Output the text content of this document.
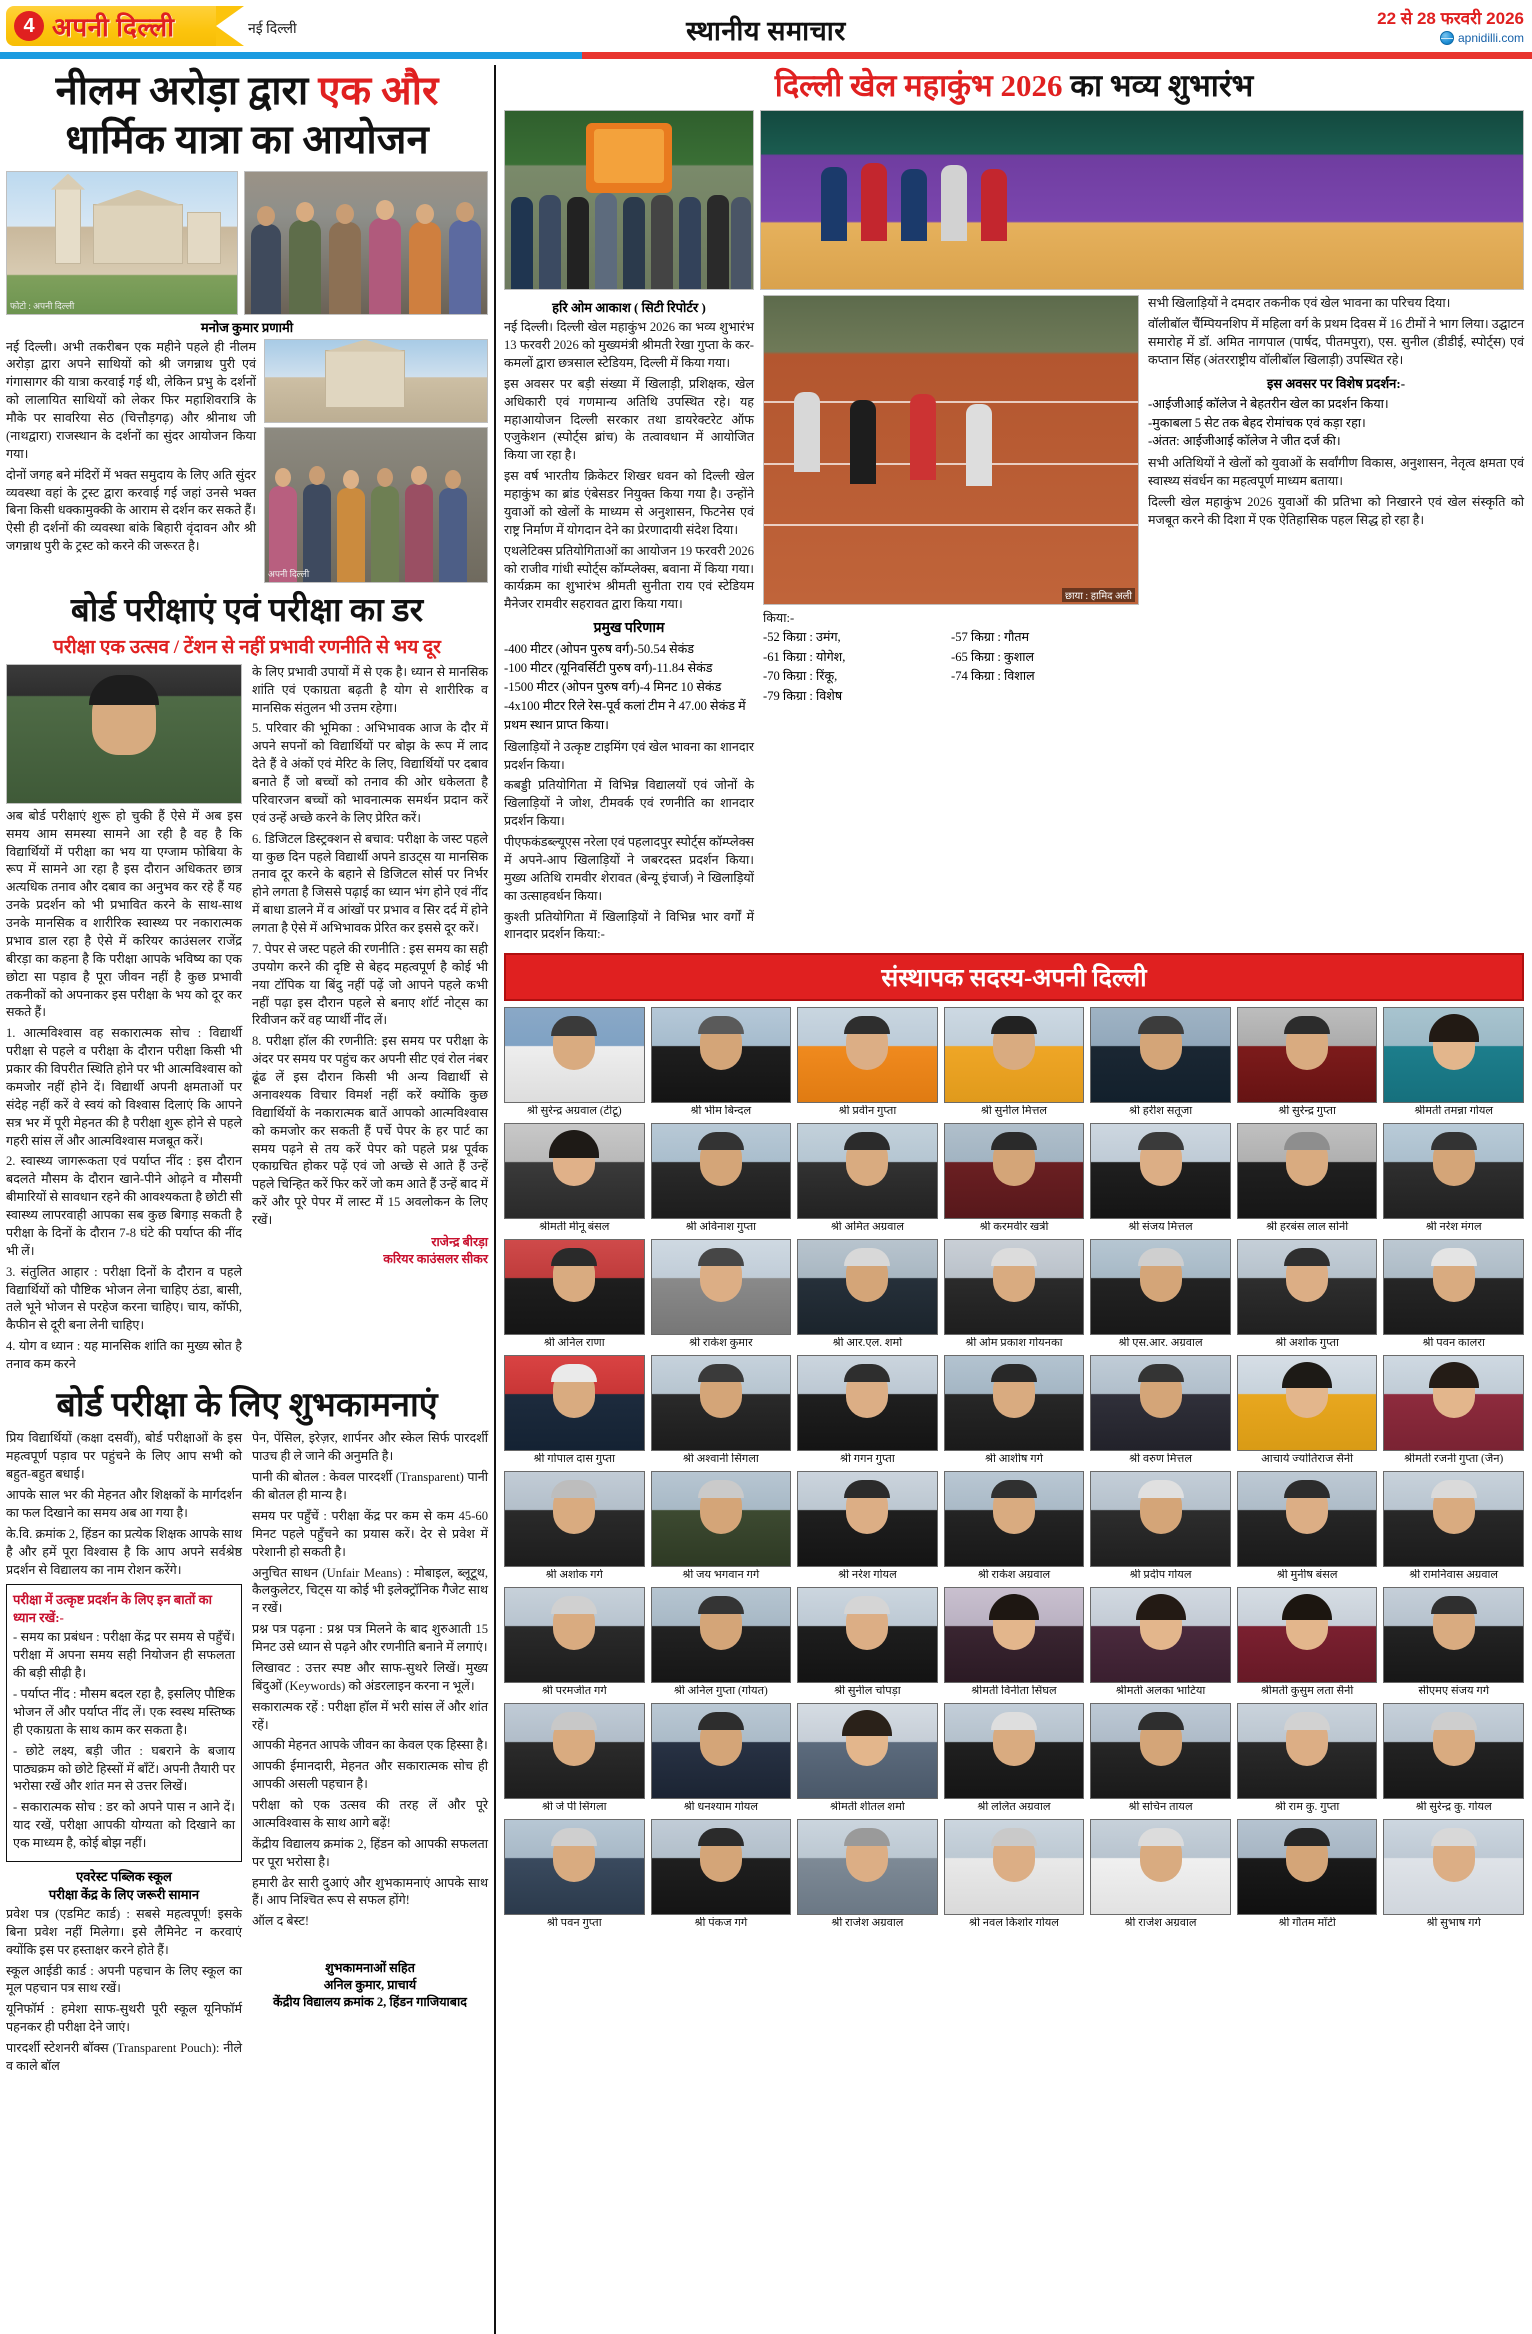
4 अपनी दिल्ली	नई दिल्ली	स्थानीय समाचार	22 से 28 फरवरी 2026
apnidilli.com
नीलम अरोड़ा द्वारा एक और
धार्मिक यात्रा का आयोजन
फोटो : अपनी दिल्ली
मनोज कुमार प्रणामी

नई दिल्ली। अभी तकरीबन एक महीने पहले ही नीलम अरोड़ा द्वारा अपने साथियों को श्री जगन्नाथ पुरी एवं गंगासागर की यात्रा करवाई गई थी, लेकिन प्रभु के दर्शनों को लालायित साथियों को लेकर फिर महाशिवरात्रि के मौके पर सावरिया सेठ (चित्तौड़गढ़) और श्रीनाथ जी (नाथद्वारा) राजस्थान के दर्शनों का सुंदर आयोजन किया गया।

दोनों जगह बने मंदिरों में भक्त समुदाय के लिए अति सुंदर व्यवस्था वहां के ट्रस्ट द्वारा करवाई गई जहां उनसे भक्त बिना किसी धक्कामुक्की के आराम से दर्शन कर सकते हैं। ऐसी ही दर्शनों की व्यवस्था बांके बिहारी वृंदावन और श्री जगन्नाथ पुरी के ट्रस्ट को करने की जरूरत है।

अपनी दिल्ली
बोर्ड परीक्षाएं एवं परीक्षा का डर
परीक्षा एक उत्सव / टेंशन से नहीं प्रभावी रणनीति से भय दूर

अब बोर्ड परीक्षाएं शुरू हो चुकी हैं ऐसे में अब इस समय आम समस्या सामने आ रही है वह है कि विद्यार्थियों में परीक्षा का भय या एग्जाम फोबिया के रूप में सामने आ रहा है इस दौरान अधिकतर छात्र अत्यधिक तनाव और दबाव का अनुभव कर रहे हैं यह उनके प्रदर्शन को भी प्रभावित करने के साथ-साथ उनके मानसिक व शारीरिक स्वास्थ्य पर नकारात्मक प्रभाव डाल रहा है ऐसे में करियर काउंसलर राजेंद्र बीरड़ा का कहना है कि परीक्षा आपके भविष्य का एक छोटा सा पड़ाव है पूरा जीवन नहीं है कुछ प्रभावी तकनीकों को अपनाकर इस परीक्षा के भय को दूर कर सकते हैं।

1. आत्मविश्वास वह सकारात्मक सोच : विद्यार्थी परीक्षा से पहले व परीक्षा के दौरान परीक्षा किसी भी प्रकार की विपरीत स्थिति होने पर भी आत्मविश्वास को कमजोर नहीं होने दें। विद्यार्थी अपनी क्षमताओं पर संदेह नहीं करें वे स्वयं को विश्वास दिलाएं कि आपने सत्र भर में पूरी मेहनत की है परीक्षा शुरू होने से पहले गहरी सांस लें और आत्मविश्वास मजबूत करें।

2. स्वास्थ्य जागरूकता एवं पर्याप्त नींद : इस दौरान बदलते मौसम के दौरान खाने-पीने ओढ़ने व मौसमी बीमारियों से सावधान रहने की आवश्यकता है छोटी सी स्वास्थ्य लापरवाही आपका सब कुछ बिगाड़ सकती है परीक्षा के दिनों के दौरान 7-8 घंटे की पर्याप्त की नींद भी लें।

3. संतुलित आहार : परीक्षा दिनों के दौरान व पहले विद्यार्थियों को पौष्टिक भोजन लेना चाहिए ठंडा, बासी, तले भूने भोजन से परहेज करना चाहिए। चाय, कॉफी, कैफीन से दूरी बना लेनी चाहिए।

4. योग व ध्यान : यह मानसिक शांति का मुख्य स्रोत है तनाव कम करने

के लिए प्रभावी उपायों में से एक है। ध्यान से मानसिक शांति एवं एकाग्रता बढ़ती है योग से शारीरिक व मानसिक संतुलन भी उत्तम रहेगा।

5. परिवार की भूमिका : अभिभावक आज के दौर में अपने सपनों को विद्यार्थियों पर बोझ के रूप में लाद देते हैं वे अंकों एवं मेरिट के लिए, विद्यार्थियों पर दबाव बनाते हैं जो बच्चों को तनाव की ओर धकेलता है परिवारजन बच्चों को भावनात्मक समर्थन प्रदान करें एवं उन्हें अच्छे करने के लिए प्रेरित करें।

6. डिजिटल डिस्ट्रक्शन से बचाव: परीक्षा के जस्ट पहले या कुछ दिन पहले विद्यार्थी अपने डाउट्स या मानसिक तनाव दूर करने के बहाने से डिजिटल सोर्स पर निर्भर होने लगता है जिससे पढ़ाई का ध्यान भंग होने एवं नींद में बाधा डालने में व आंखों पर प्रभाव व सिर दर्द में होने लगता है ऐसे में अभिभावक प्रेरित कर इससे दूर करें।

7. पेपर से जस्ट पहले की रणनीति : इस समय का सही उपयोग करने की दृष्टि से बेहद महत्वपूर्ण है कोई भी नया टॉपिक या बिंदु नहीं पढ़ें जो आपने पहले कभी नहीं पढ़ा इस दौरान पहले से बनाए शॉर्ट नोट्स का रिवीजन करें वह प्यार्थी नींद लें।

8. परीक्षा हॉल की रणनीति: इस समय पर परीक्षा के अंदर पर समय पर पहुंच कर अपनी सीट एवं रोल नंबर ढूंढ लें इस दौरान किसी भी अन्य विद्यार्थी से अनावश्यक विचार विमर्श नहीं करें क्योंकि कुछ विद्यार्थियों के नकारात्मक बातें आपको आत्मविश्वास को कमजोर कर सकती हैं पर्चे पेपर के हर पार्ट का समय पढ़ने से तय करें पेपर को पहले प्रश्न पूर्वक एकाग्रचित होकर पढ़ें एवं जो अच्छे से आते हैं उन्हें पहले चिन्हित करें फिर करें जो कम आते हैं उन्हें बाद में करें और पूरे पेपर में लास्ट में 15 अवलोकन के लिए रखें।

राजेन्द्र बीरड़ा
करियर काउंसलर सीकर
बोर्ड परीक्षा के लिए शुभकामनाएं

प्रिय विद्यार्थियों (कक्षा दसवीं), बोर्ड परीक्षाओं के इस महत्वपूर्ण पड़ाव पर पहुंचने के लिए आप सभी को बहुत-बहुत बधाई।

आपके साल भर की मेहनत और शिक्षकों के मार्गदर्शन का फल दिखाने का समय अब आ गया है।

के.वि. क्रमांक 2, हिंडन का प्रत्येक शिक्षक आपके साथ है और हमें पूरा विश्वास है कि आप अपने सर्वश्रेष्ठ प्रदर्शन से विद्यालय का नाम रोशन करेंगे।

परीक्षा में उत्कृष्ट प्रदर्शन के लिए इन बातों का ध्यान रखें:-

- समय का प्रबंधन : परीक्षा केंद्र पर समय से पहुँचें। परीक्षा में अपना समय सही नियोजन ही सफलता की बड़ी सीढ़ी है।

- पर्याप्त नींद : मौसम बदल रहा है, इसलिए पौष्टिक भोजन लें और पर्याप्त नींद लें। एक स्वस्थ मस्तिष्क ही एकाग्रता के साथ काम कर सकता है।

- छोटे लक्ष्य, बड़ी जीत : घबराने के बजाय पाठ्यक्रम को छोटे हिस्सों में बाँटें। अपनी तैयारी पर भरोसा रखें और शांत मन से उत्तर लिखें।

- सकारात्मक सोच : डर को अपने पास न आने दें। याद रखें, परीक्षा आपकी योग्यता को दिखाने का एक माध्यम है, कोई बोझ नहीं।

एवरेस्ट पब्लिक स्कूल
परीक्षा केंद्र के लिए जरूरी सामान

प्रवेश पत्र (एडमिट कार्ड) : सबसे महत्वपूर्ण! इसके बिना प्रवेश नहीं मिलेगा। इसे लैमिनेट न करवाएं क्योंकि इस पर हस्ताक्षर करने होते हैं।

स्कूल आईडी कार्ड : अपनी पहचान के लिए स्कूल का मूल पहचान पत्र साथ रखें।

यूनिफॉर्म : हमेशा साफ-सुथरी पूरी स्कूल यूनिफॉर्म पहनकर ही परीक्षा देने जाएं।

पारदर्शी स्टेशनरी बॉक्स (Transparent Pouch): नीले व काले बॉल

पेन, पेंसिल, इरेज़र, शार्पनर और स्केल सिर्फ पारदर्शी पाउच ही ले जाने की अनुमति है।

पानी की बोतल : केवल पारदर्शी (Transparent) पानी की बोतल ही मान्य है।

समय पर पहुँचें : परीक्षा केंद्र पर कम से कम 45-60 मिनट पहले पहुँचने का प्रयास करें। देर से प्रवेश में परेशानी हो सकती है।

अनुचित साधन (Unfair Means) : मोबाइल, ब्लूटूथ, कैलकुलेटर, चिट्स या कोई भी इलेक्ट्रॉनिक गैजेट साथ न रखें।

प्रश्न पत्र पढ़ना : प्रश्न पत्र मिलने के बाद शुरुआती 15 मिनट उसे ध्यान से पढ़ने और रणनीति बनाने में लगाएं।

लिखावट : उत्तर स्पष्ट और साफ-सुथरे लिखें। मुख्य बिंदुओं (Keywords) को अंडरलाइन करना न भूलें।

सकारात्मक रहें : परीक्षा हॉल में भरी सांस लें और शांत रहें।

आपकी मेहनत आपके जीवन का केवल एक हिस्सा है।

आपकी ईमानदारी, मेहनत और सकारात्मक सोच ही आपकी असली पहचान है।

परीक्षा को एक उत्सव की तरह लें और पूरे आत्मविश्वास के साथ आगे बढ़ें!

केंद्रीय विद्यालय क्रमांक 2, हिंडन को आपकी सफलता पर पूरा भरोसा है।

हमारी ढेर सारी दुआएं और शुभकामनाएं आपके साथ हैं। आप निश्चित रूप से सफल होंगे!

ऑल द बेस्ट!

शुभकामनाओं सहित
अनिल कुमार, प्राचार्य
केंद्रीय विद्यालय क्रमांक 2, हिंडन गाजियाबाद
दिल्ली खेल महाकुंभ 2026 का भव्य शुभारंभ
हरि ओम आकाश ( सिटी रिपोर्टर )

नई दिल्ली। दिल्ली खेल महाकुंभ 2026 का भव्य शुभारंभ 13 फरवरी 2026 को मुख्यमंत्री श्रीमती रेखा गुप्ता के कर-कमलों द्वारा छत्रसाल स्टेडियम, दिल्ली में किया गया।

इस अवसर पर बड़ी संख्या में खिलाड़ी, प्रशिक्षक, खेल अधिकारी एवं गणमान्य अतिथि उपस्थित रहे। यह महाआयोजन दिल्ली सरकार तथा डायरेक्टरेट ऑफ एजुकेशन (स्पोर्ट्स ब्रांच) के तत्वावधान में आयोजित किया जा रहा है।

इस वर्ष भारतीय क्रिकेटर शिखर धवन को दिल्ली खेल महाकुंभ का ब्रांड एंबेसडर नियुक्त किया गया है। उन्होंने युवाओं को खेलों के माध्यम से अनुशासन, फिटनेस एवं राष्ट्र निर्माण में योगदान देने का प्रेरणादायी संदेश दिया।

एथलेटिक्स प्रतियोगिताओं का आयोजन 19 फरवरी 2026 को राजीव गांधी स्पोर्ट्स कॉम्प्लेक्स, बवाना में किया गया। कार्यक्रम का शुभारंभ श्रीमती सुनीता राय एवं स्टेडियम मैनेजर रामवीर सहरावत द्वारा किया गया।

प्रमुख परिणाम
-400 मीटर (ओपन पुरुष वर्ग)-50.54 सेकंड
-100 मीटर (यूनिवर्सिटी पुरुष वर्ग)-11.84 सेकंड
-1500 मीटर (ओपन पुरुष वर्ग)-4 मिनट 10 सेकंड
-4x100 मीटर रिले रेस-पूर्व कलां टीम ने 47.00 सेकंड में प्रथम स्थान प्राप्त किया।

खिलाड़ियों ने उत्कृष्ट टाइमिंग एवं खेल भावना का शानदार प्रदर्शन किया।

कबड्डी प्रतियोगिता में विभिन्न विद्यालयों एवं जोनों के खिलाड़ियों ने जोश, टीमवर्क एवं रणनीति का शानदार प्रदर्शन किया।

पीएफकंडब्ल्यूएस नरेला एवं पहलादपुर स्पोर्ट्स कॉम्प्लेक्स में अपने-आप खिलाड़ियों ने जबरदस्त प्रदर्शन किया। मुख्य अतिथि रामवीर शेरावत (बेन्यू इंचार्ज) ने खिलाड़ियों का उत्साहवर्धन किया।

कुश्ती प्रतियोगिता में खिलाड़ियों ने विभिन्न भार वर्गों में शानदार प्रदर्शन किया:-

छाया : हामिद अली
किया:-
-52 किग्रा : उमंग,	-57 किग्रा : गौतम
-61 किग्रा : योगेश,	-65 किग्रा : कुशाल
-70 किग्रा : रिंकू,	-74 किग्रा : विशाल
-79 किग्रा : विशेष

सभी खिलाड़ियों ने दमदार तकनीक एवं खेल भावना का परिचय दिया।

वॉलीबॉल चैंम्पियनशिप में महिला वर्ग के प्रथम दिवस में 16 टीमों ने भाग लिया। उद्घाटन समारोह में डॉ. अमित नागपाल (पार्षद, पीतमपुरा), एस. सुनील (डीडीई, स्पोर्ट्स) एवं कप्तान सिंह (अंतरराष्ट्रीय वॉलीबॉल खिलाड़ी) उपस्थित रहे।

इस अवसर पर विशेष प्रदर्शन:-
-आईजीआई कॉलेज ने बेहतरीन खेल का प्रदर्शन किया।
-मुकाबला 5 सेट तक बेहद रोमांचक एवं कड़ा रहा।
-अंतत: आईजीआई कॉलेज ने जीत दर्ज की।

सभी अतिथियों ने खेलों को युवाओं के सर्वांगीण विकास, अनुशासन, नेतृत्व क्षमता एवं स्वास्थ्य संवर्धन का महत्वपूर्ण माध्यम बताया।

दिल्ली खेल महाकुंभ 2026 युवाओं की प्रतिभा को निखारने एवं खेल संस्कृति को मजबूत करने की दिशा में एक ऐतिहासिक पहल सिद्ध हो रहा है।

संस्थापक सदस्य-अपनी दिल्ली
श्री सुरेन्द्र अग्रवाल (टीटू)	श्री भीम बिन्दल	श्री प्रवीन गुप्ता	श्री सुनील मित्तल	श्री हरीश सतूजा	श्री सुरेन्द्र गुप्ता	श्रीमती तमन्ना गोयल
श्रीमती मीनू बंसल	श्री अविनाश गुप्ता	श्री अमित अग्रवाल	श्री करमवीर खत्री	श्री संजय मित्तल	श्री हरबंस लाल सोनी	श्री नरेश मंगल
श्री अनिल राणा	श्री राकेश कुमार	श्री आर.एल. शर्मा	श्री ओम प्रकाश गोयनका	श्री एस.आर. अग्रवाल	श्री अशोक गुप्ता	श्री पवन कालरा
श्री गोपाल दास गुप्ता	श्री अश्वानी सिंगला	श्री गगन गुप्ता	श्री आशीष गर्ग	श्री वरुण मित्तल	आचार्य ज्योतिराज सैनी	श्रीमती रजनी गुप्ता (जैन)
श्री अशोक गर्ग	श्री जय भगवान गर्ग	श्री नरेश गोयल	श्री राकेश अग्रवाल	श्री प्रदीप गोयल	श्री मुनीष बंसल	श्री रामनिवास अग्रवाल
श्री परमजीत गर्ग	श्री अनिल गुप्ता (गोयत)	श्री सुनील चोपड़ा	श्रीमती विनीता सिंघल	श्रीमती अलका भाटिया	श्रीमती कुसुम लता सैनी	सीएमए संजय गर्ग
श्री जे पी सिंगला	श्री धनश्याम गोयल	श्रीमती शीतल शर्मा	श्री ललित अग्रवाल	श्री सचिन तायल	श्री राम कु. गुप्ता	श्री सुरेन्द्र कु. गोयल
श्री पवन गुप्ता	श्री पंकज गर्ग	श्री राजेश अग्रवाल	श्री नवल किशोर गोयल	श्री राजेश अग्रवाल	श्री गौतम मॉंटी	श्री सुभाष गर्ग
